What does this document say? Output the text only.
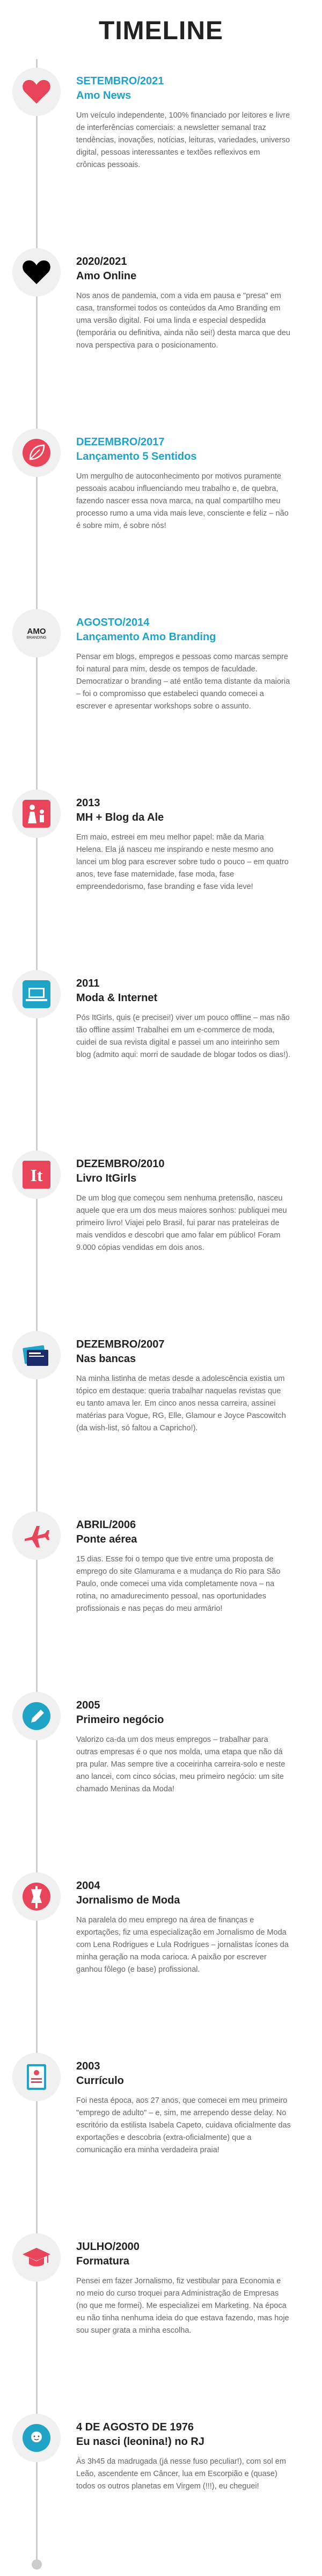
TIMELINE
SETEMBRO/2021
Amo News
Um veículo independente, 100% financiado por leitores e livre de interferências comerciais: a newsletter semanal traz tendências, inovações, notícias, leituras, variedades, universo digital, pessoas interessantes e textões reflexivos em crônicas pessoais.
2020/2021
Amo Online
Nos anos de pandemia, com a vida em pausa e "presa" em casa, transformei todos os conteúdos da Amo Branding em uma versão digital. Foi uma linda e especial despedida (temporária ou definitiva, ainda não sei!) desta marca que deu nova perspectiva para o posicionamento.
DEZEMBRO/2017
Lançamento 5 Sentidos
Um mergulho de autoconhecimento por motivos puramente pessoais acabou influenciando meu trabalho e, de quebra, fazendo nascer essa nova marca, na qual compartilho meu processo rumo a uma vida mais leve, consciente e feliz – não é sobre mim, é sobre nós!
AMO
BRANDING
AGOSTO/2014
Lançamento Amo Branding
Pensar em blogs, empregos e pessoas como marcas sempre foi natural para mim, desde os tempos de faculdade. Democratizar o branding – até então tema distante da maioria – foi o compromisso que estabeleci quando comecei a escrever e apresentar workshops sobre o assunto.
2013
MH + Blog da Ale
Em maio, estreei em meu melhor papel: mãe da Maria Helena. Ela já nasceu me inspirando e neste mesmo ano lancei um blog para escrever sobre tudo o pouco – em quatro anos, teve fase maternidade, fase moda, fase empreendedorismo, fase branding e fase vida leve!
2011
Moda & Internet
Pós ItGirls, quis (e precisei!) viver um pouco offline – mas não tão offline assim! Trabalhei em um e-commerce de moda, cuidei de sua revista digital e passei um ano inteirinho sem blog (admito aqui: morri de saudade de blogar todos os dias!).
It
DEZEMBRO/2010
Livro ItGirls
De um blog que começou sem nenhuma pretensão, nasceu aquele que era um dos meus maiores sonhos: publiquei meu primeiro livro! Viajei pelo Brasil, fui parar nas prateleiras de mais vendidos e descobri que amo falar em público! Foram 9.000 cópias vendidas em dois anos.
DEZEMBRO/2007
Nas bancas
Na minha listinha de metas desde a adolescência existia um tópico em destaque: queria trabalhar naquelas revistas que eu tanto amava ler. Em cinco anos nessa carreira, assinei matérias para Vogue, RG, Elle, Glamour e Joyce Pascowitch (da wish-list, só faltou a Capricho!).
ABRIL/2006
Ponte aérea
15 dias. Esse foi o tempo que tive entre uma proposta de emprego do site Glamurama e a mudança do Rio para São Paulo, onde comecei uma vida completamente nova – na rotina, no amadurecimento pessoal, nas oportunidades profissionais e nas peças do meu armário!
2005
Primeiro negócio
Valorizo ca-da um dos meus empregos – trabalhar para outras empresas é o que nos molda, uma etapa que não dá pra pular. Mas sempre tive a coceirinha carreira-solo e neste ano lancei, com cinco sócias, meu primeiro negócio: um site chamado Meninas da Moda!
2004
Jornalismo de Moda
Na paralela do meu emprego na área de finanças e exportações, fiz uma especialização em Jornalismo de Moda com Lena Rodrigues e Lula Rodrigues – jornalistas ícones da minha geração na moda carioca. A paixão por escrever ganhou fôlego (e base) profissional.
2003
Currículo
Foi nesta época, aos 27 anos, que comecei em meu primeiro "emprego de adulto" – e, sim, me arrependo desse delay. No escritório da estilista Isabela Capeto, cuidava oficialmente das exportações e descobria (extra-oficialmente) que a comunicação era minha verdadeira praia!
JULHO/2000
Formatura
Pensei em fazer Jornalismo, fiz vestibular para Economia e no meio do curso troquei para Administração de Empresas (no que me formei). Me especializei em Marketing. Na época eu não tinha nenhuma ideia do que estava fazendo, mas hoje sou super grata a minha escolha.
4 DE AGOSTO DE 1976
Eu nasci (leonina!) no RJ
Às 3h45 da madrugada (já nesse fuso peculiar!), com sol em Leão, ascendente em Câncer, lua em Escorpião e (quase) todos os outros planetas em Virgem (!!!), eu cheguei!
